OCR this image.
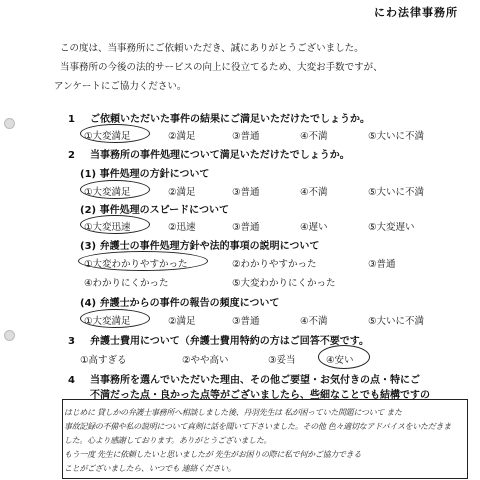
にわ法律事務所
この度は、当事務所にご依頼いただき、誠にありがとうございました。
当事務所の今後の法的サービスの向上に役立てるため、大変お手数ですが、
アンケートにご協力ください。
1 ご依頼いただいた事件の結果にご満足いただけたでしょうか。
①大変満足	②満足	③普通	④不満	⑤大いに不満
2 当事務所の事件処理について満足いただけたでしょうか。
(1) 事件処理の方針について
①大変満足	②満足	③普通	④不満	⑤大いに不満
(2) 事件処理のスピードについて
①大変迅速	②迅速	③普通	④遅い	⑤大変遅い
(3) 弁護士の事件処理方針や法的事項の説明について
①大変わかりやすかった	②わかりやすかった	③普通
④わかりにくかった	⑤大変わかりにくかった
(4) 弁護士からの事件の報告の頻度について
①大変満足	②満足	③普通	④不満	⑤大いに不満
3 弁護士費用について（弁護士費用特約の方はご回答不要です。
①高すぎる	②やや高い	③妥当	④安い
4 当事務所を選んでいただいた理由、その他ご要望・お気付きの点・特にご
不満だった点・良かった点等がございましたら、些細なことでも結構ですの
はじめに 貸しかの弁護士事務所へ相談しました後、丹羽先生は 私が困っていた問題について また
事故記録の不備や私の説明について真剣に話を聞いて下さいました。その他 色々適切なアドバイスをいただきま
した。心より感謝しております。ありがとうございました。
もう一度 先生に依頼したいと思いましたが 先生がお困りの際に私で何かご協力できる
ことがございましたら、いつでも 連絡ください。
